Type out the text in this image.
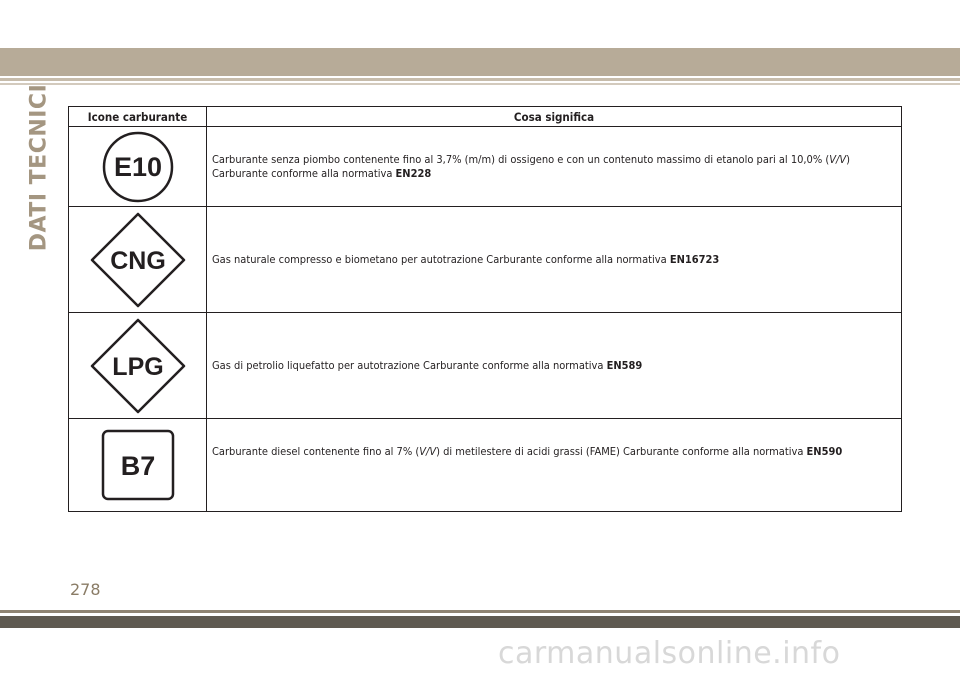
DATI TECNICI	Icone carburante	Cosa significa

E10	Carburante senza piombo contenente fino al 3,7% (m/m) di ossigeno e con un contenuto massimo di etanolo pari al 10,0% (V/V) Carburante conforme alla normativa EN228

CNG	Gas naturale compresso e biometano per autotrazione Carburante conforme alla normativa EN16723

LPG	Gas di petrolio liquefatto per autotrazione Carburante conforme alla normativa EN589

B7	Carburante diesel contenente fino al 7% (V/V) di metilestere di acidi grassi (FAME) Carburante conforme alla normativa EN590
278
carmanualsonline.info
